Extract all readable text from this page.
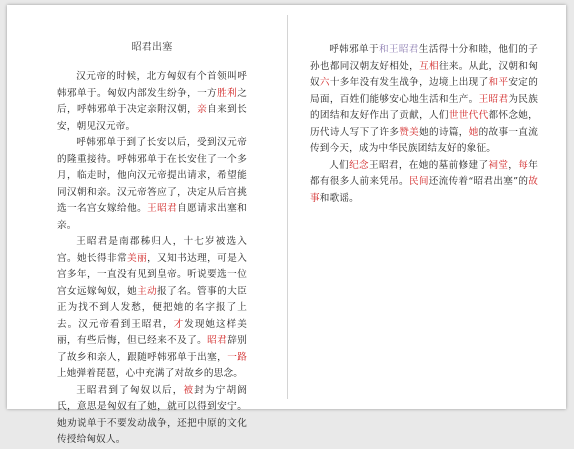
昭君出塞

汉元帝的时候，北方匈奴有个首领叫呼韩邪单于。匈奴内部发生纷争，一方胜利之后，呼韩邪单于决定亲附汉朝，亲自来到长安，朝见汉元帝。

呼韩邪单于到了长安以后，受到汉元帝的隆重接待。呼韩邪单于在长安住了一个多月，临走时，他向汉元帝提出请求，希望能同汉朝和亲。汉元帝答应了，决定从后宫挑选一名宫女嫁给他。王昭君自愿请求出塞和亲。

王昭君是南郡秭归人，十七岁被选入宫。她长得非常美丽，又知书达理，可是入宫多年，一直没有见到皇帝。听说要选一位宫女远嫁匈奴，她主动报了名。管事的大臣正为找不到人发愁，便把她的名字报了上去。汉元帝看到王昭君，才发现她这样美丽，有些后悔，但已经来不及了。昭君辞别了故乡和亲人，跟随呼韩邪单于出塞，一路上她弹着琵琶，心中充满了对故乡的思念。

王昭君到了匈奴以后，被封为宁胡阏氏，意思是匈奴有了她，就可以得到安宁。她劝说单于不要发动战争，还把中原的文化传授给匈奴人。

呼韩邪单于和王昭君生活得十分和睦，他们的子孙也都同汉朝友好相处，互相往来。从此，汉朝和匈奴六十多年没有发生战争，边境上出现了和平安定的局面，百姓们能够安心地生活和生产。王昭君为民族的团结和友好作出了贡献，人们世世代代都怀念她，历代诗人写下了许多赞美她的诗篇，她的故事一直流传到今天，成为中华民族团结友好的象征。

人们纪念王昭君，在她的墓前修建了祠堂，每年都有很多人前来凭吊。民间还流传着“昭君出塞”的故事和歌谣。
